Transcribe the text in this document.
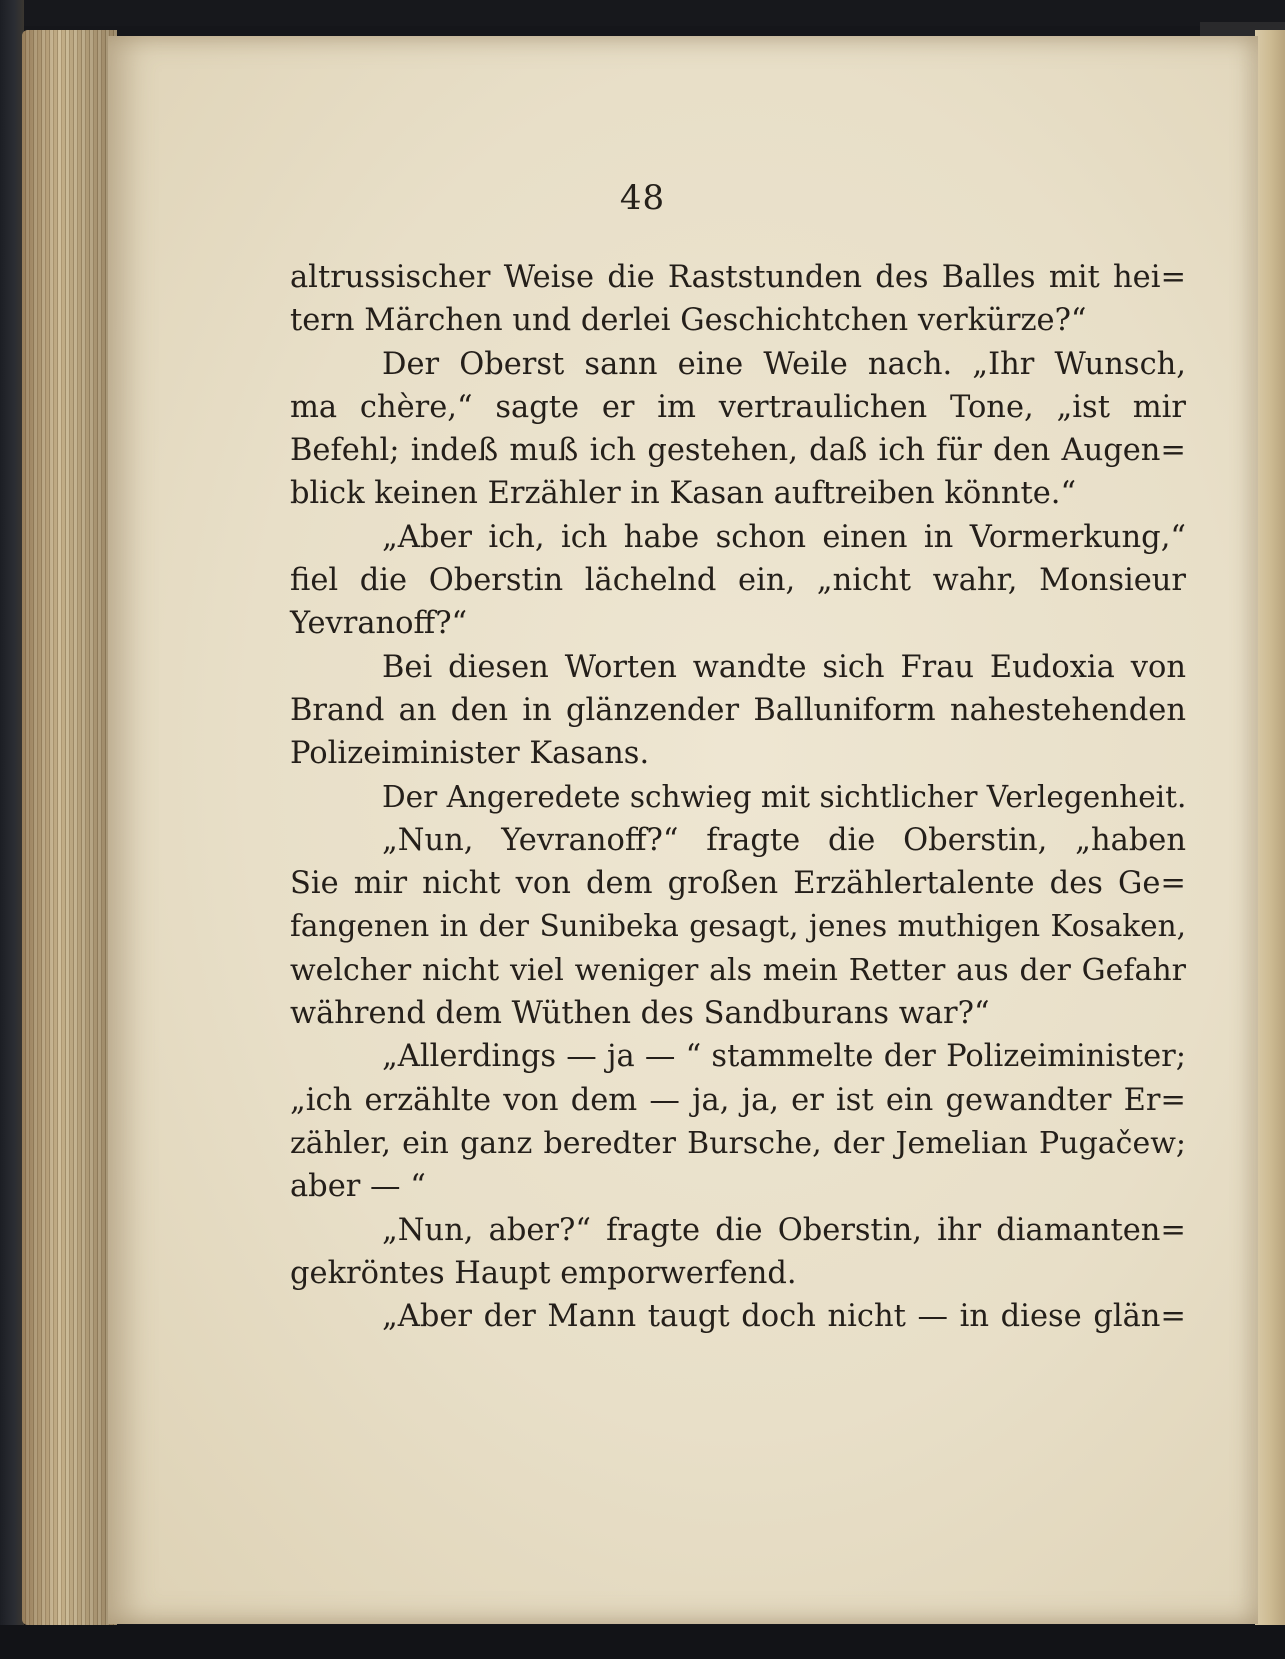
48
altrussischer Weise die Raststunden des Balles mit hei=
tern Märchen und derlei Geschichtchen verkürze?“
Der Oberst sann eine Weile nach. „Ihr Wunsch,
ma chère,“ sagte er im vertraulichen Tone, „ist mir
Befehl; indeß muß ich gestehen, daß ich für den Augen=
blick keinen Erzähler in Kasan auftreiben könnte.“
„Aber ich, ich habe schon einen in Vormerkung,“
fiel die Oberstin lächelnd ein, „nicht wahr, Monsieur
Yevranoff?“
Bei diesen Worten wandte sich Frau Eudoxia von
Brand an den in glänzender Balluniform nahestehenden
Polizeiminister Kasans.
Der Angeredete schwieg mit sichtlicher Verlegenheit.
„Nun, Yevranoff?“ fragte die Oberstin, „haben
Sie mir nicht von dem großen Erzählertalente des Ge=
fangenen in der Sunibeka gesagt, jenes muthigen Kosaken,
welcher nicht viel weniger als mein Retter aus der Gefahr
während dem Wüthen des Sandburans war?“
„Allerdings — ja — “ stammelte der Polizeiminister;
„ich erzählte von dem — ja, ja, er ist ein gewandter Er=
zähler, ein ganz beredter Bursche, der Jemelian Pugačew;
aber — “
„Nun, aber?“ fragte die Oberstin, ihr diamanten=
gekröntes Haupt emporwerfend.
„Aber der Mann taugt doch nicht — in diese glän=
